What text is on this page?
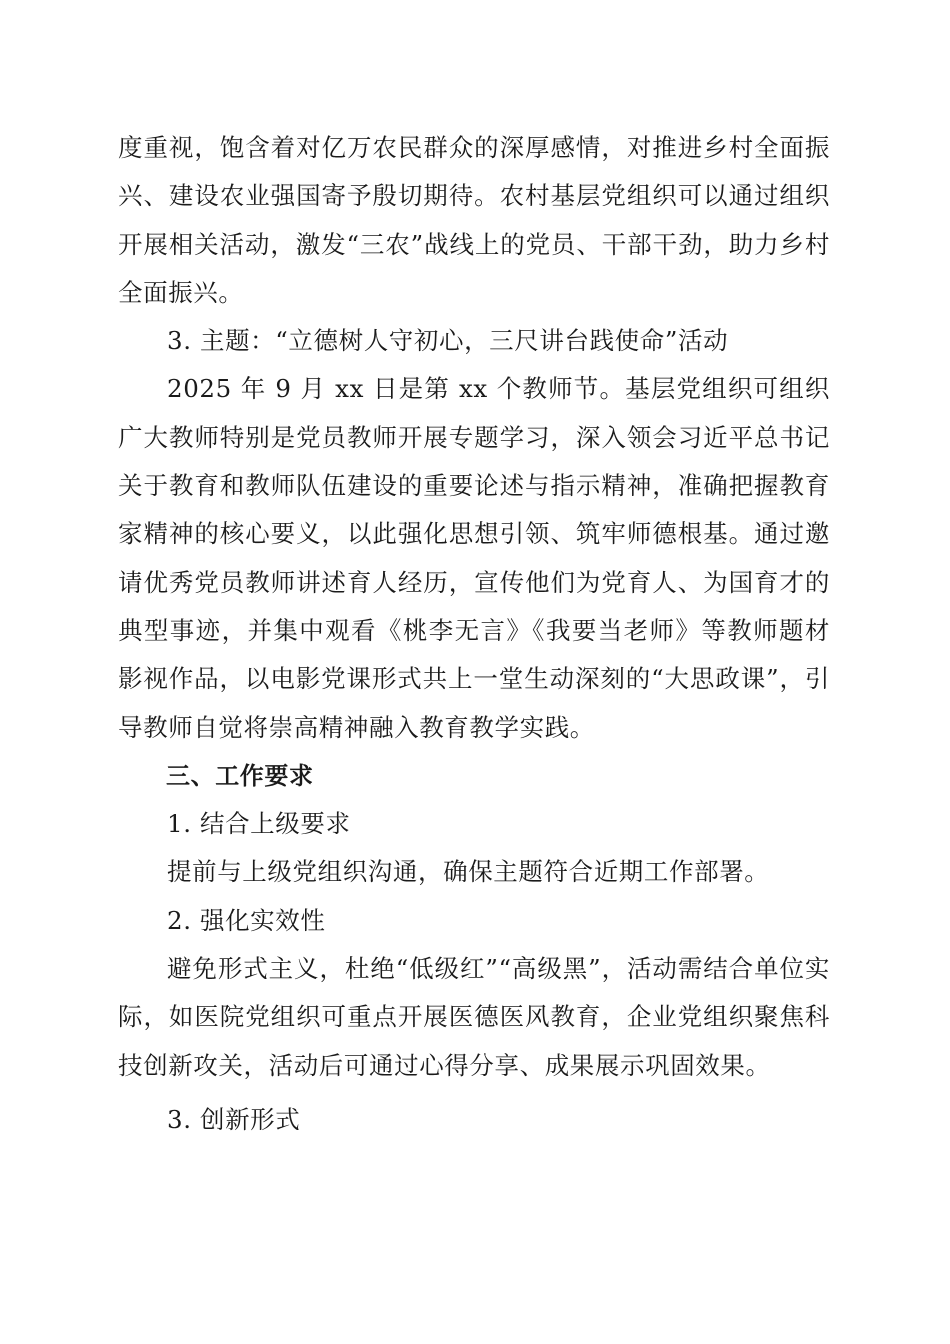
度重视，饱含着对亿万农民群众的深厚感情，对推进乡村全面振兴、建设农业强国寄予殷切期待。农村基层党组织可以通过组织开展相关活动，激发“三农”战线上的党员、干部干劲，助力乡村全面振兴。

3. 主题：“立德树人守初心，三尺讲台践使命”活动

2025 年 9 月 xx 日是第 xx 个教师节。基层党组织可组织广大教师特别是党员教师开展专题学习，深入领会习近平总书记关于教育和教师队伍建设的重要论述与指示精神，准确把握教育家精神的核心要义，以此强化思想引领、筑牢师德根基。通过邀请优秀党员教师讲述育人经历，宣传他们为党育人、为国育才的典型事迹，并集中观看《桃李无言》《我要当老师》等教师题材影视作品，以电影党课形式共上一堂生动深刻的“大思政课”，引导教师自觉将崇高精神融入教育教学实践。

三、工作要求

1. 结合上级要求

提前与上级党组织沟通，确保主题符合近期工作部署。

2. 强化实效性

避免形式主义，杜绝“低级红”“高级黑”，活动需结合单位实际，如医院党组织可重点开展医德医风教育，企业党组织聚焦科技创新攻关，活动后可通过心得分享、成果展示巩固效果。

3. 创新形式
